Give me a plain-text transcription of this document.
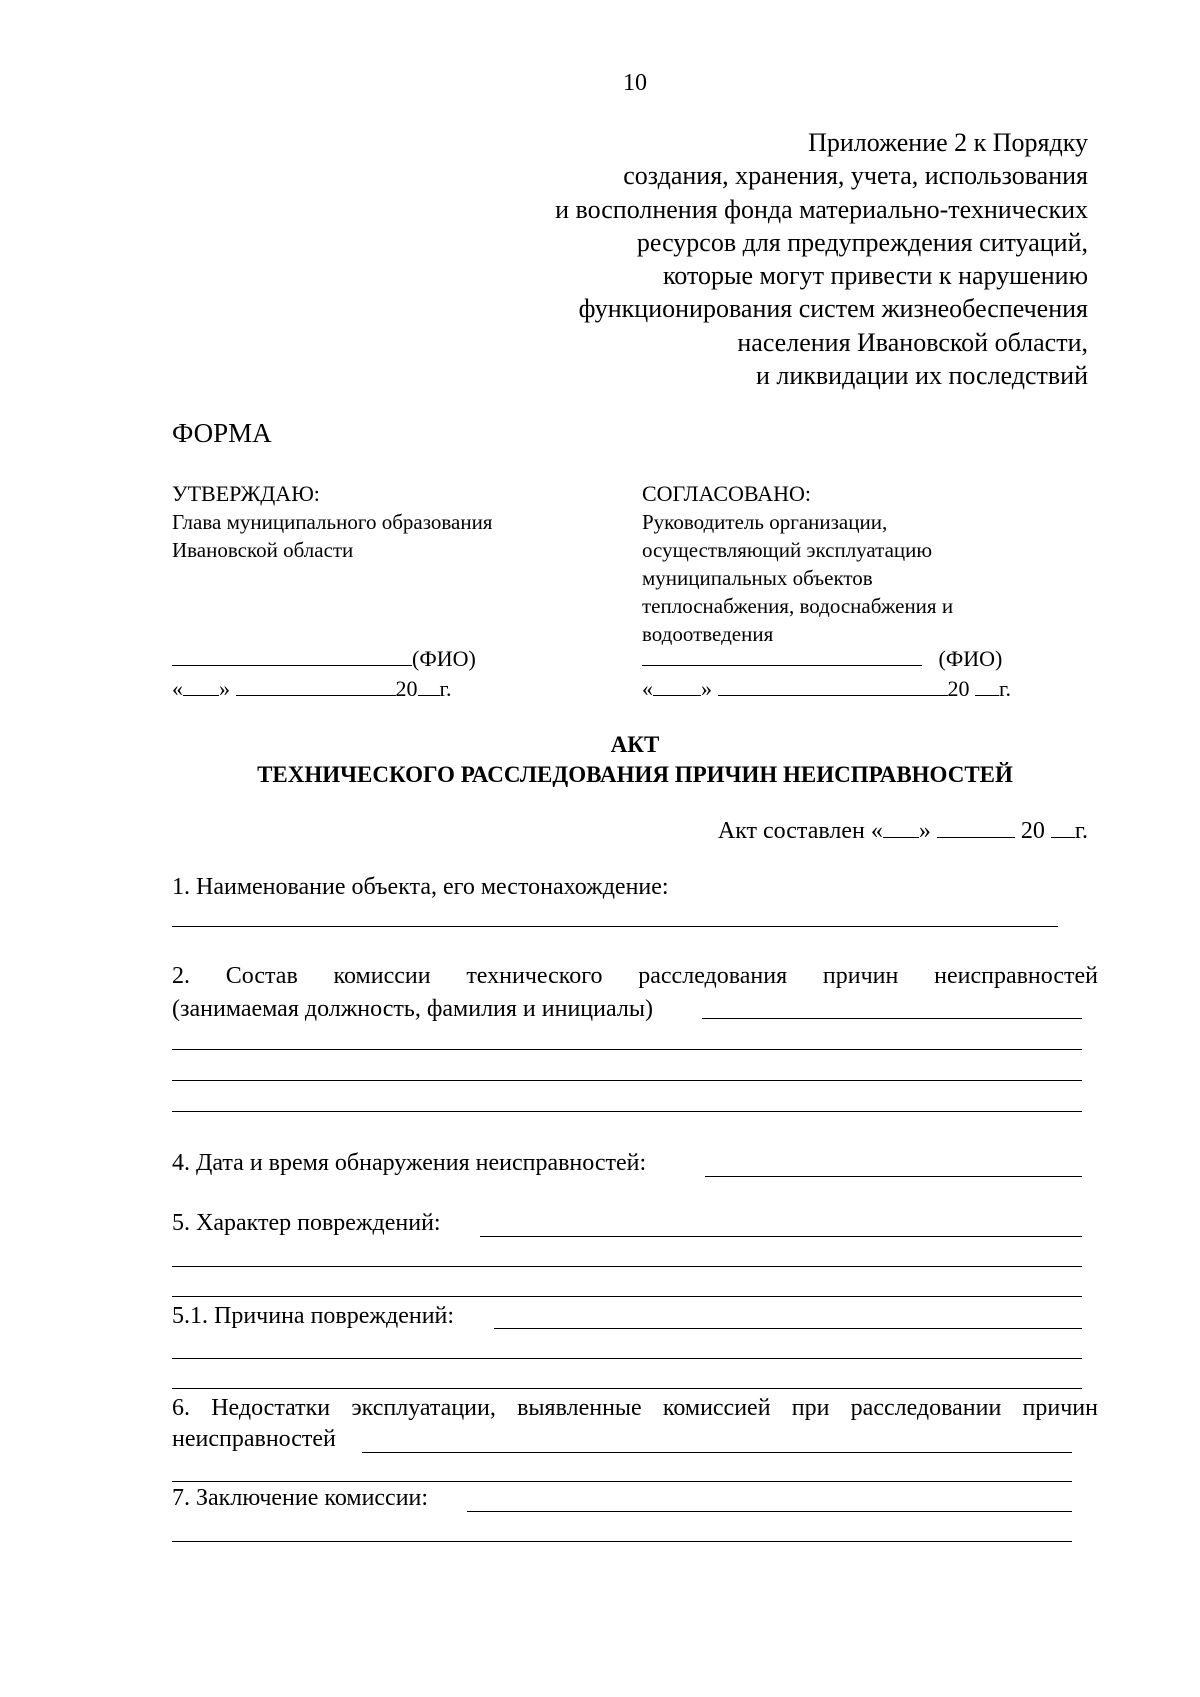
10
Приложение 2 к Порядку
создания, хранения, учета, использования
и восполнения фонда материально-технических
ресурсов для предупреждения ситуаций,
которые могут привести к нарушению
функционирования систем жизнеобеспечения
населения Ивановской области,
и ликвидации их последствий
ФОРМА
УТВЕРЖДАЮ:
Глава муниципального образования
Ивановской области
(ФИО)
« »	20 г.
СОГЛАСОВАНО:
Руководитель организации,
осуществляющий эксплуатацию
муниципальных объектов
теплоснабжения, водоснабжения и
водоотведения
(ФИО)
« »	20 г.
АКТ
ТЕХНИЧЕСКОГО РАССЛЕДОВАНИЯ ПРИЧИН НЕИСПРАВНОСТЕЙ
Акт составлен « »	20 г.
1. Наименование объекта, его местонахождение:
2. Состав комиссии технического расследования причин неисправностей
(занимаемая должность, фамилия и инициалы)
4. Дата и время обнаружения неисправностей:
5. Характер повреждений:
5.1. Причина повреждений:
6. Недостатки эксплуатации, выявленные комиссией при расследовании причин
неисправностей
7. Заключение комиссии:
